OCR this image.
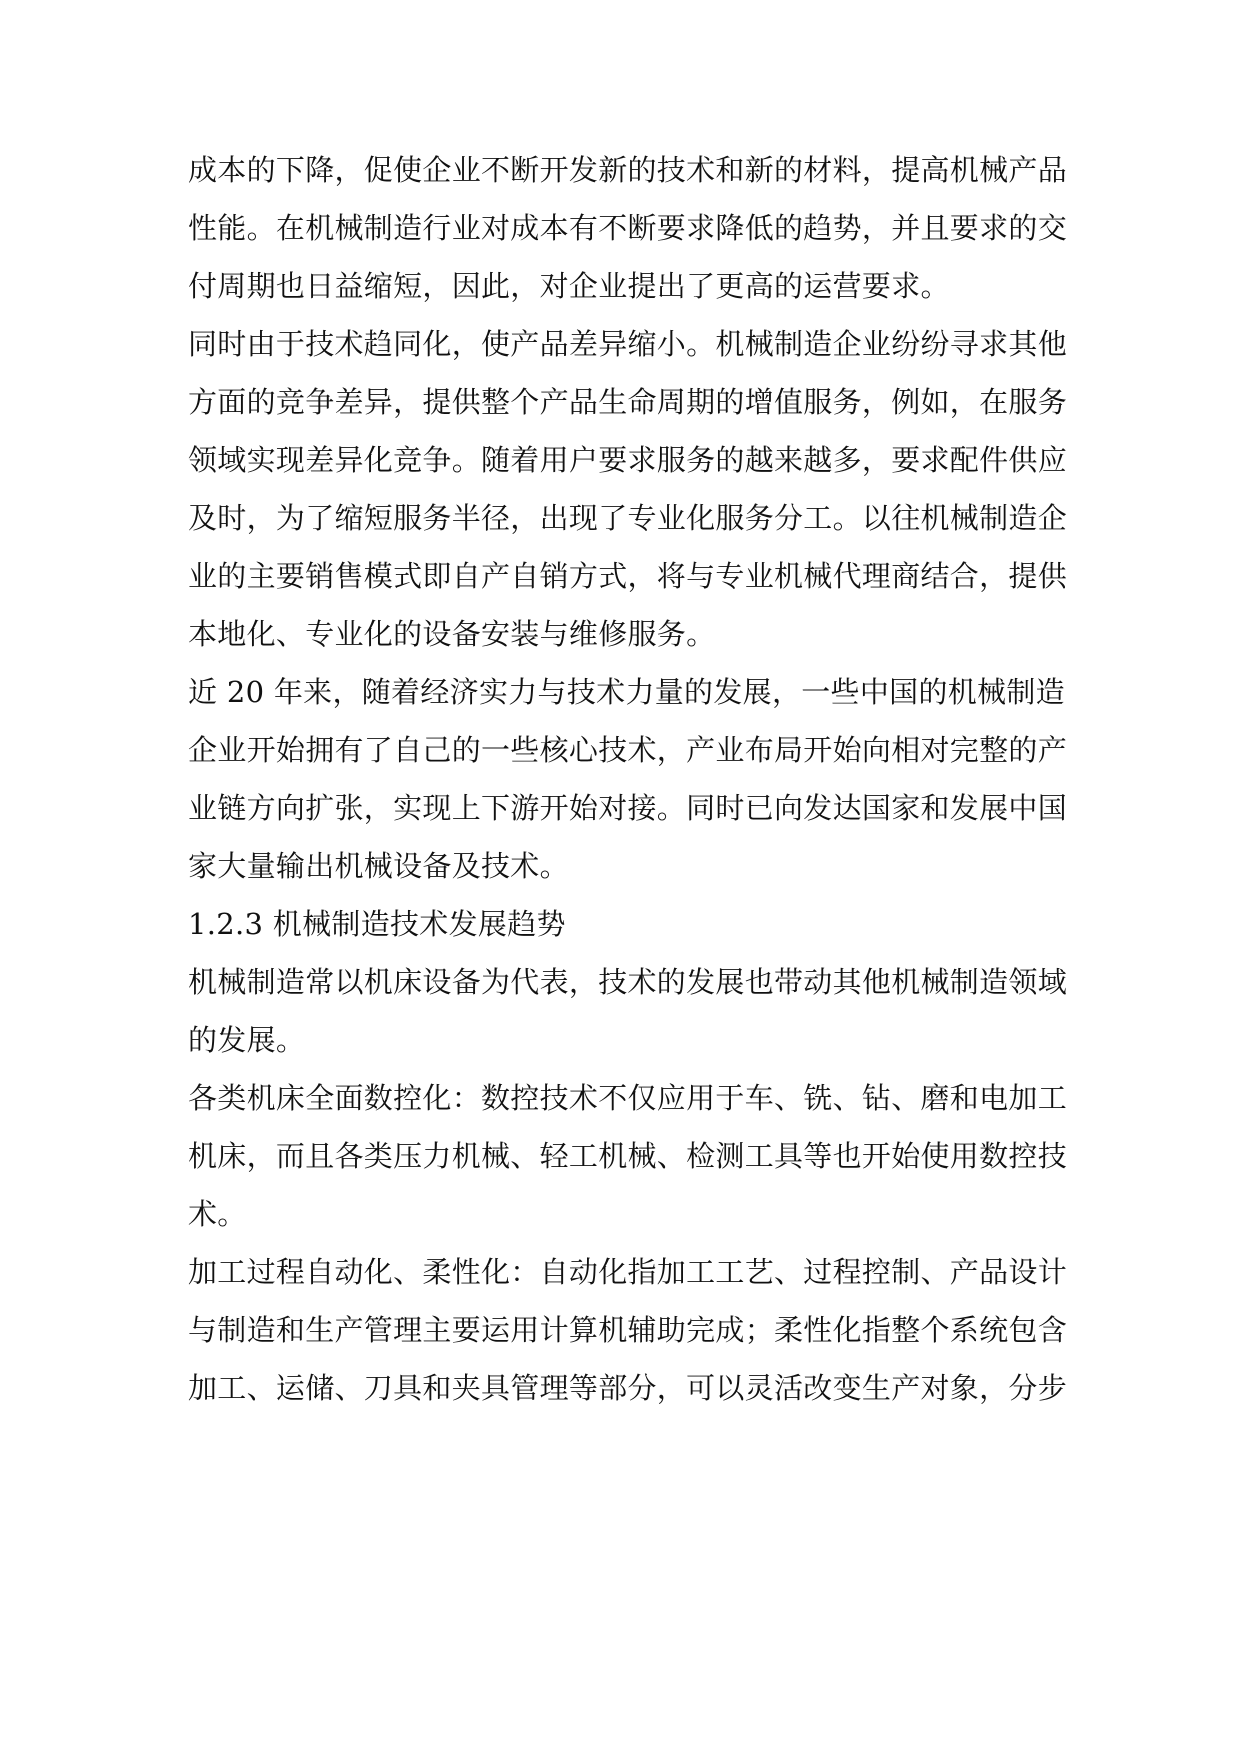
成本的下降，促使企业不断开发新的技术和新的材料，提高机械产品
性能。在机械制造行业对成本有不断要求降低的趋势，并且要求的交
付周期也日益缩短，因此，对企业提出了更高的运营要求。
同时由于技术趋同化，使产品差异缩小。机械制造企业纷纷寻求其他
方面的竞争差异，提供整个产品生命周期的增值服务，例如，在服务
领域实现差异化竞争。随着用户要求服务的越来越多，要求配件供应
及时，为了缩短服务半径，出现了专业化服务分工。以往机械制造企
业的主要销售模式即自产自销方式，将与专业机械代理商结合，提供
本地化、专业化的设备安装与维修服务。
近 20 年来，随着经济实力与技术力量的发展，一些中国的机械制造
企业开始拥有了自己的一些核心技术，产业布局开始向相对完整的产
业链方向扩张，实现上下游开始对接。同时已向发达国家和发展中国
家大量输出机械设备及技术。
1.2.3 机械制造技术发展趋势
机械制造常以机床设备为代表，技术的发展也带动其他机械制造领域
的发展。
各类机床全面数控化：数控技术不仅应用于车、铣、钻、磨和电加工
机床，而且各类压力机械、轻工机械、检测工具等也开始使用数控技
术。
加工过程自动化、柔性化：自动化指加工工艺、过程控制、产品设计
与制造和生产管理主要运用计算机辅助完成；柔性化指整个系统包含
加工、运储、刀具和夹具管理等部分，可以灵活改变生产对象，分步
